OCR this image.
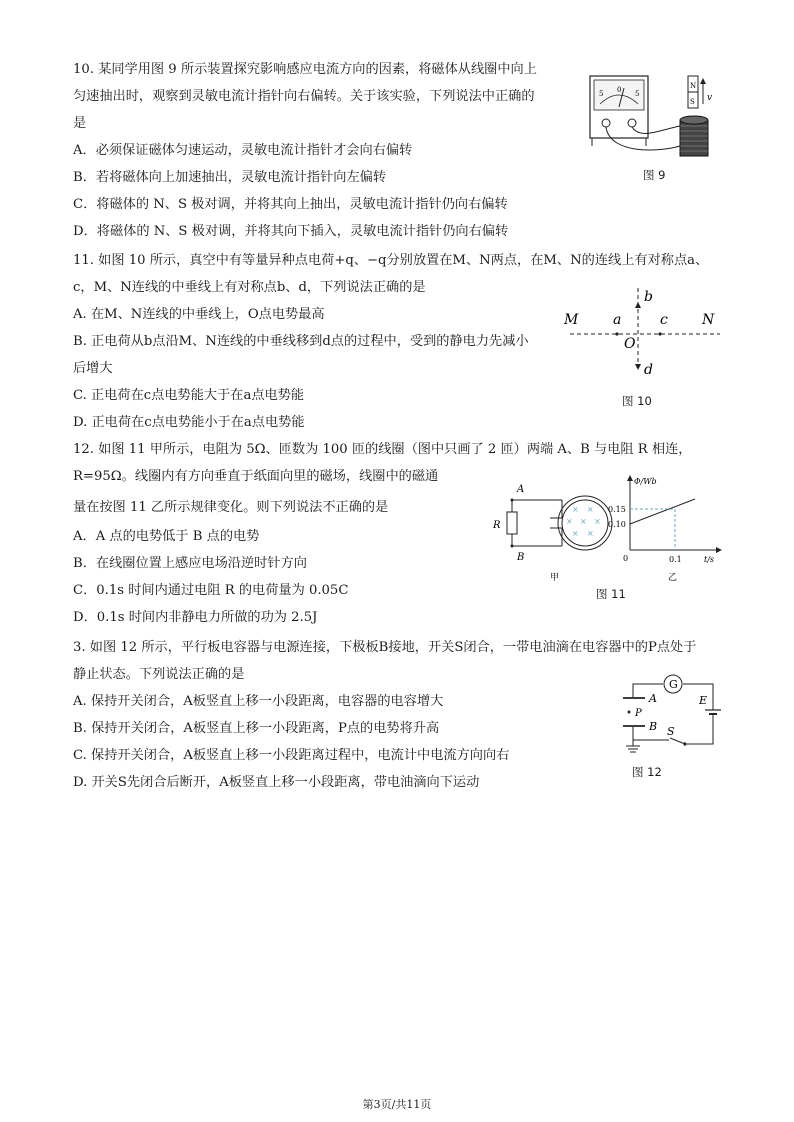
10. 某同学用图 9 所示装置探究影响感应电流方向的因素，将磁体从线圈中向上
匀速抽出时，观察到灵敏电流计指针向右偏转。关于该实验，下列说法中正确的
是
A．必须保证磁体匀速运动，灵敏电流计指针才会向右偏转
B．若将磁体向上加速抽出，灵敏电流计指针向左偏转
C．将磁体的 N、S 极对调，并将其向上抽出，灵敏电流计指针仍向右偏转
D．将磁体的 N、S 极对调，并将其向下插入，灵敏电流计指针仍向右偏转
5	5
0	N
S v
图 9
11. 如图 10 所示，真空中有等量异种点电荷+q、−q分别放置在M、N两点，在M、N的连线上有对称点a、
c，M、N连线的中垂线上有对称点b、d，下列说法正确的是
A. 在M、N连线的中垂线上，O点电势最高
B. 正电荷从b点沿M、N连线的中垂线移到d点的过程中，受到的静电力先减小
后增大
C. 正电荷在c点电势能大于在a点电势能
D. 正电荷在c点电势能小于在a点电势能
M a	c N
b
d
O
图 10
12. 如图 11 甲所示，电阻为 5Ω、匝数为 100 匝的线圈（图中只画了 2 匝）两端 A、B 与电阻 R 相连，
R=95Ω。线圈内有方向垂直于纸面向里的磁场，线圈中的磁通
量在按图 11 乙所示规律变化。则下列说法不正确的是
A．A 点的电势低于 B 点的电势
B．在线圈位置上感应电场沿逆时针方向
C．0.1s 时间内通过电阻 R 的电荷量为 0.05C
D．0.1s 时间内非静电力所做的功为 2.5J
A
B
R
× ×
× × ×
× ×
Φ/Wb
t/s
0
0.15
0.10
0.1
甲	乙
图 11
3. 如图 12 所示，平行板电容器与电源连接，下极板B接地，开关S闭合，一带电油滴在电容器中的P点处于
静止状态。下列说法正确的是
A. 保持开关闭合，A板竖直上移一小段距离，电容器的电容增大
B. 保持开关闭合，A板竖直上移一小段距离，P点的电势将升高
C. 保持开关闭合，A板竖直上移一小段距离过程中，电流计中电流方向向右
D. 开关S先闭合后断开，A板竖直上移一小段距离，带电油滴向下运动
G
A
B
P
E
S
图 12
第3页/共11页
